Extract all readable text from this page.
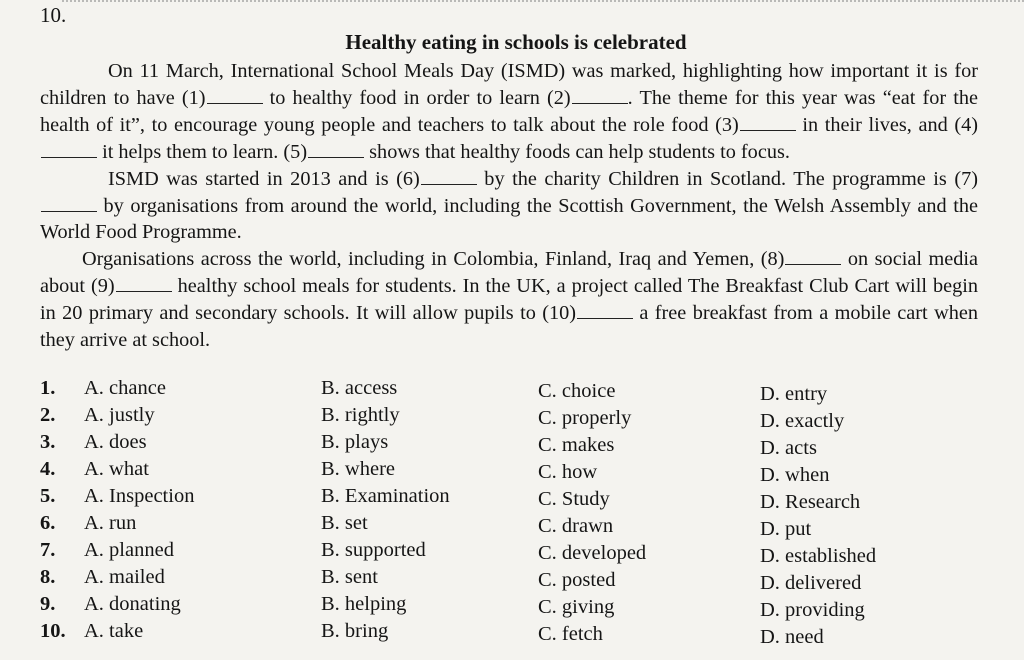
10.
Healthy eating in schools is celebrated

On 11 March, International School Meals Day (ISMD) was marked, highlighting how important it is for children to have (1)	to healthy food in order to learn (2)	. The theme for this year was “eat for the health of it”, to encourage young people and teachers to talk about the role food (3)	in their lives, and (4) it helps them to learn. (5)	shows that healthy foods can help students to focus.

ISMD was started in 2013 and is (6)	by the charity Children in Scotland. The programme is (7) by organisations from around the world, including the Scottish Government, the Welsh Assembly and the World Food Programme.

Organisations across the world, including in Colombia, Finland, Iraq and Yemen, (8)	on social media about (9)	healthy school meals for students. In the UK, a project called The Breakfast Club Cart will begin in 20 primary and secondary schools. It will allow pupils to (10)	a free breakfast from a mobile cart when they arrive at school.

1. A. chance	B. access	C. choice	D. entry
2. A. justly	B. rightly	C. properly	D. exactly
3. A. does	B. plays	C. makes	D. acts
4. A. what	B. where	C. how	D. when
5. A. Inspection	B. Examination	C. Study	D. Research
6. A. run	B. set	C. drawn	D. put
7. A. planned	B. supported	C. developed	D. established
8. A. mailed	B. sent	C. posted	D. delivered
9. A. donating	B. helping	C. giving	D. providing
10. A. take	B. bring	C. fetch	D. need
